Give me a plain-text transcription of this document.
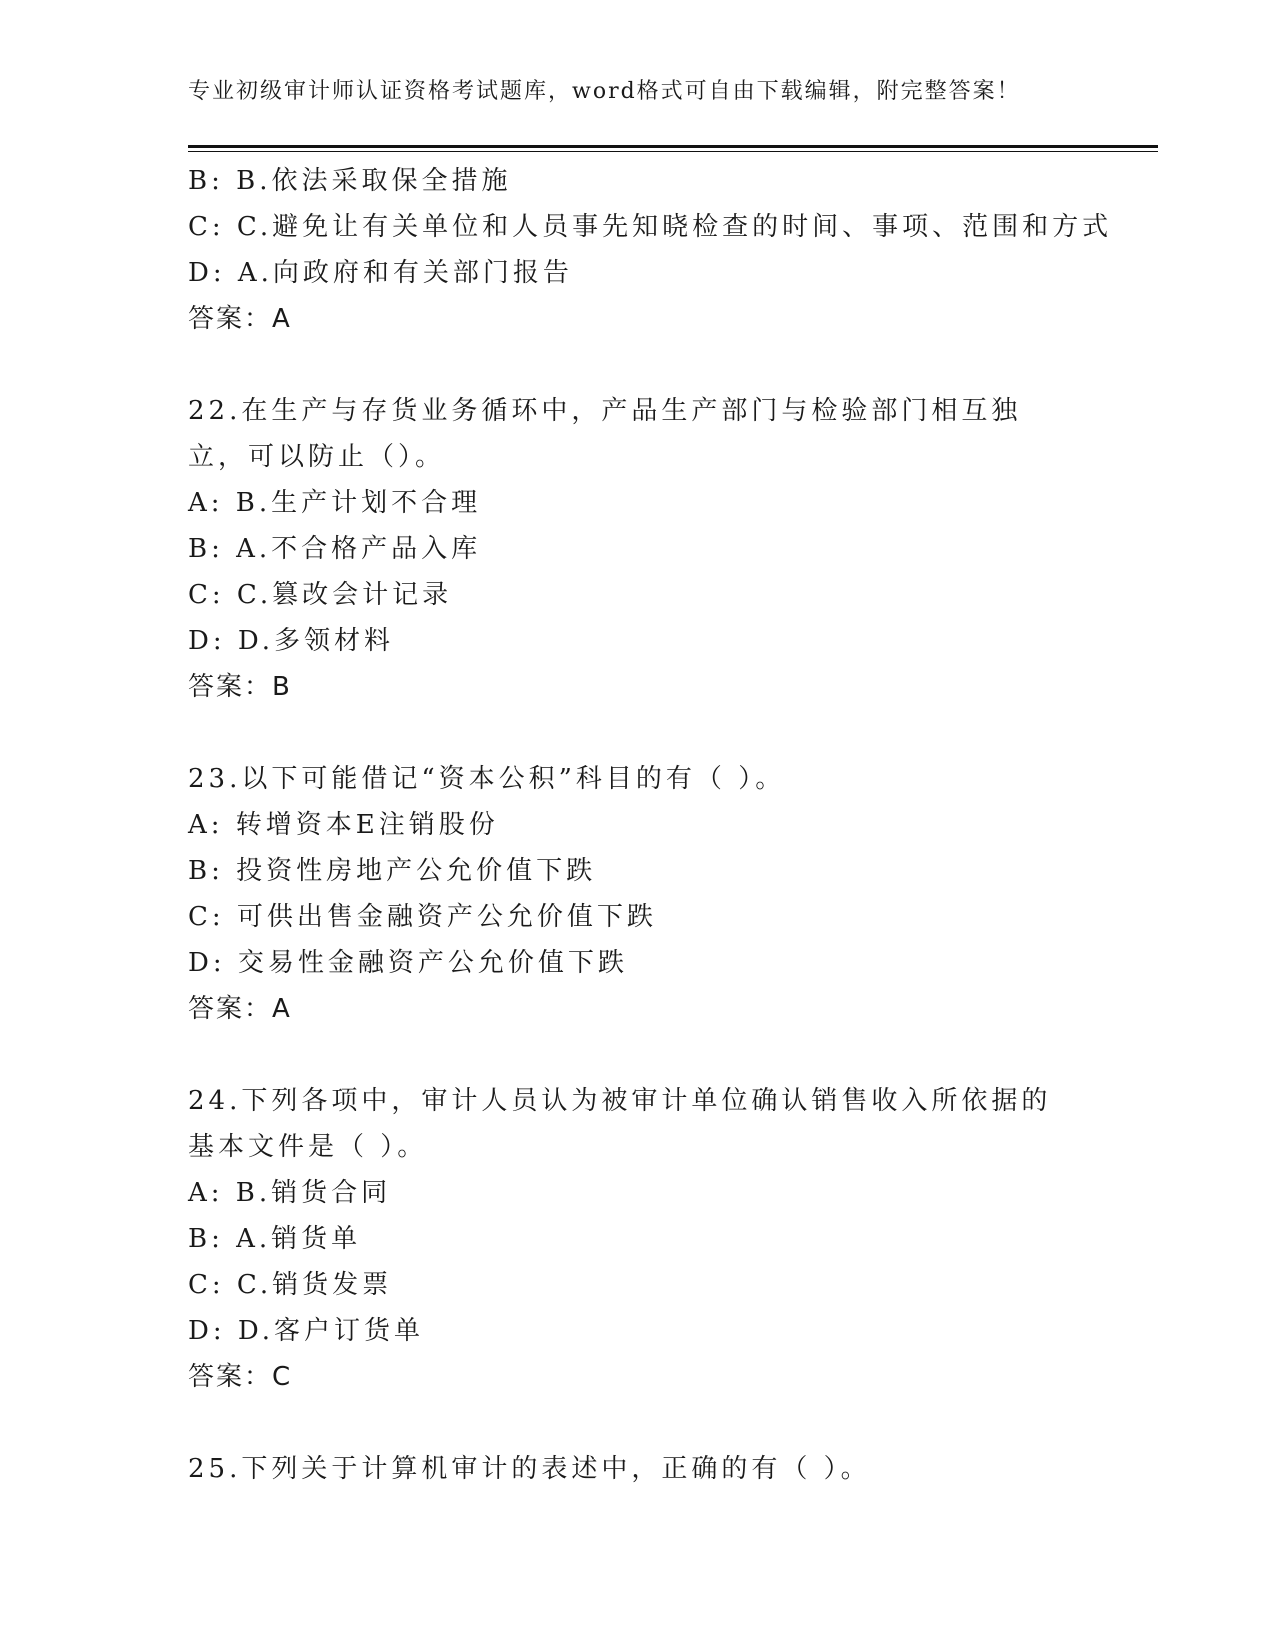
专业初级审计师认证资格考试题库，word格式可自由下载编辑，附完整答案！
B: B.依法采取保全措施
C: C.避免让有关单位和人员事先知晓检查的时间、事项、范围和方式
D: A.向政府和有关部门报告
答案：A
22.在生产与存货业务循环中，产品生产部门与检验部门相互独立，可以防止（）。
A: B.生产计划不合理
B: A.不合格产品入库
C: C.篡改会计记录
D: D.多领材料
答案：B
23.以下可能借记“资本公积”科目的有（ ）。
A: 转增资本E注销股份
B: 投资性房地产公允价值下跌
C: 可供出售金融资产公允价值下跌
D: 交易性金融资产公允价值下跌
答案：A
24.下列各项中，审计人员认为被审计单位确认销售收入所依据的基本文件是（ ）。
A: B.销货合同
B: A.销货单
C: C.销货发票
D: D.客户订货单
答案：C
25.下列关于计算机审计的表述中，正确的有（ ）。
